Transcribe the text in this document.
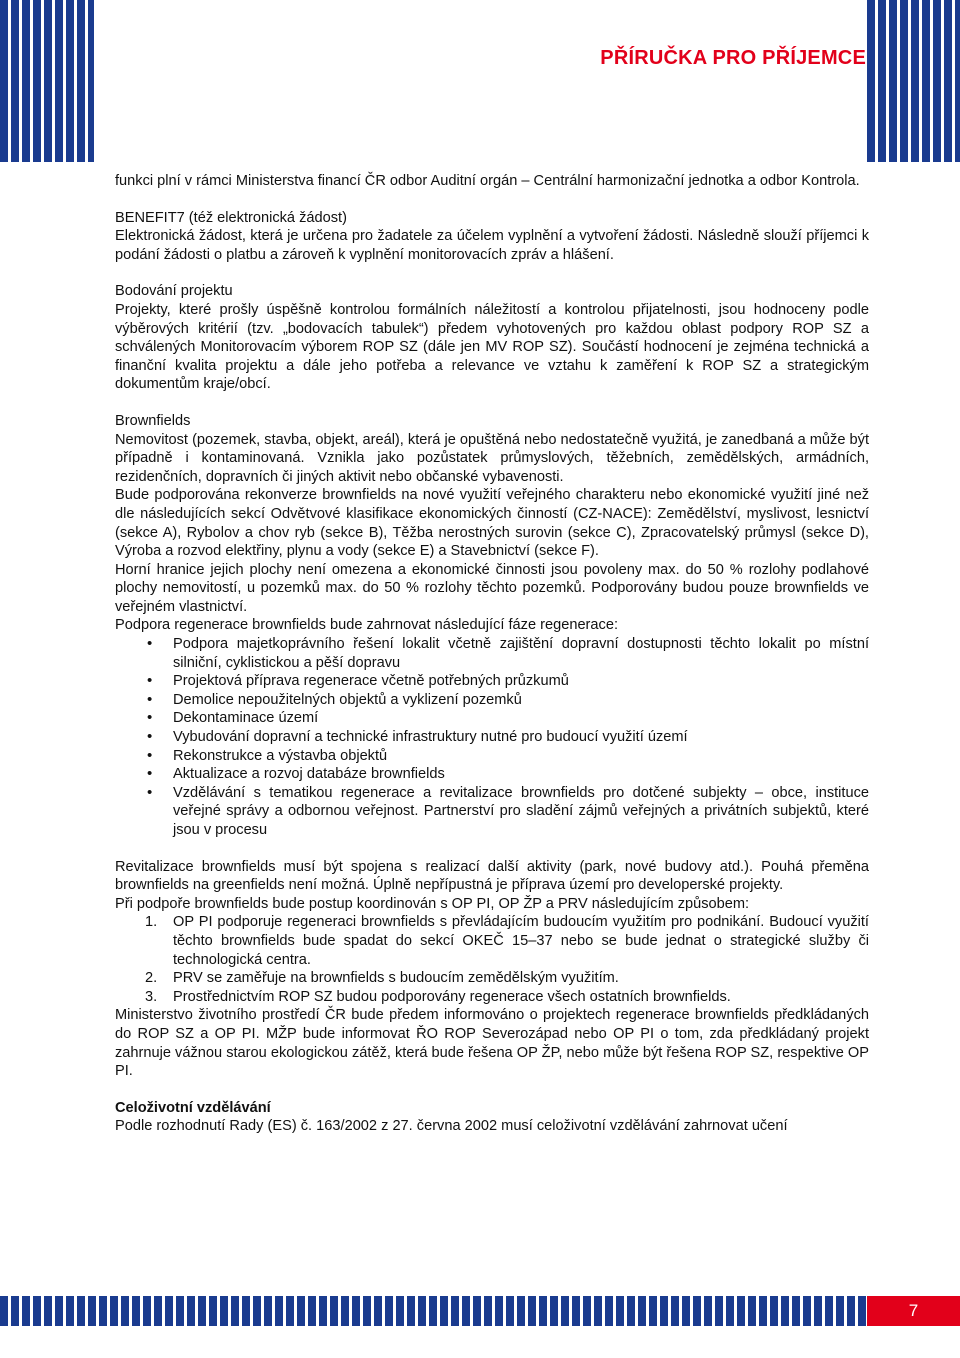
PŘÍRUČKA PRO PŘÍJEMCE

funkci plní v rámci Ministerstva financí ČR odbor Auditní orgán – Centrální harmonizační jednotka a odbor Kontrola.

BENEFIT7 (též elektronická žádost)

Elektronická žádost, která je určena pro žadatele za účelem vyplnění a vytvoření žádosti. Následně slouží příjemci k podání žádosti o platbu a zároveň k vyplnění monitorovacích zpráv a hlášení.

Bodování projektu

Projekty, které prošly úspěšně kontrolou formálních náležitostí a kontrolou přijatelnosti, jsou hodnoceny podle výběrových kritérií (tzv. „bodovacích tabulek“) předem vyhotovených pro každou oblast podpory ROP SZ a schválených Monitorovacím výborem ROP SZ (dále jen MV ROP SZ). Součástí hodnocení je zejména technická a finanční kvalita projektu a dále jeho potřeba a relevance ve vztahu k zaměření k ROP SZ a strategickým dokumentům kraje/obcí.

Brownfields

Nemovitost (pozemek, stavba, objekt, areál), která je opuštěná nebo nedostatečně využitá, je zanedbaná a může být případně i kontaminovaná. Vznikla jako pozůstatek průmyslových, těžebních, zemědělských, armádních, rezidenčních, dopravních či jiných aktivit nebo občanské vybavenosti.

Bude podporována rekonverze brownfields na nové využití veřejného charakteru nebo ekonomické využití jiné než dle následujících sekcí Odvětvové klasifikace ekonomických činností (CZ-NACE): Zemědělství, myslivost, lesnictví (sekce A), Rybolov a chov ryb (sekce B), Těžba nerostných surovin (sekce C), Zpracovatelský průmysl (sekce D), Výroba a rozvod elektřiny, plynu a vody (sekce E) a Stavebnictví (sekce F).

Horní hranice jejich plochy není omezena a ekonomické činnosti jsou povoleny max. do 50 % rozlohy podlahové plochy nemovitostí, u pozemků max. do 50 % rozlohy těchto pozemků. Podporovány budou pouze brownfields ve veřejném vlastnictví.

Podpora regenerace brownfields bude zahrnovat následující fáze regenerace:

• Podpora majetkoprávního řešení lokalit včetně zajištění dopravní dostupnosti těchto lokalit po místní silniční, cyklistickou a pěší dopravu
• Projektová příprava regenerace včetně potřebných průzkumů
• Demolice nepoužitelných objektů a vyklizení pozemků
• Dekontaminace území
• Vybudování dopravní a technické infrastruktury nutné pro budoucí využití území
• Rekonstrukce a výstavba objektů
• Aktualizace a rozvoj databáze brownfields
• Vzdělávání s tematikou regenerace a revitalizace brownfields pro dotčené subjekty – obce, instituce veřejné správy a odbornou veřejnost. Partnerství pro sladění zájmů veřejných a privátních subjektů, které jsou v procesu

Revitalizace brownfields musí být spojena s realizací další aktivity (park, nové budovy atd.). Pouhá přeměna brownfields na greenfields není možná. Úplně nepřípustná je příprava území pro developerské projekty.

Při podpoře brownfields bude postup koordinován s OP PI, OP ŽP a PRV následujícím způsobem:

1. OP PI podporuje regeneraci brownfields s převládajícím budoucím využitím pro podnikání. Budoucí využití těchto brownfields bude spadat do sekcí OKEČ 15–37 nebo se bude jednat o strategické služby či technologická centra.
2. PRV se zaměřuje na brownfields s budoucím zemědělským využitím.
3. Prostřednictvím ROP SZ budou podporovány regenerace všech ostatních brownfields.

Ministerstvo životního prostředí ČR bude předem informováno o projektech regenerace brownfields předkládaných do ROP SZ a OP PI. MŽP bude informovat ŘO ROP Severozápad nebo OP PI o tom, zda předkládaný projekt zahrnuje vážnou starou ekologickou zátěž, která bude řešena OP ŽP, nebo může být řešena ROP SZ, respektive OP PI.

Celoživotní vzdělávání

Podle rozhodnutí Rady (ES) č. 163/2002 z 27. června 2002 musí celoživotní vzdělávání zahrnovat učení

7
